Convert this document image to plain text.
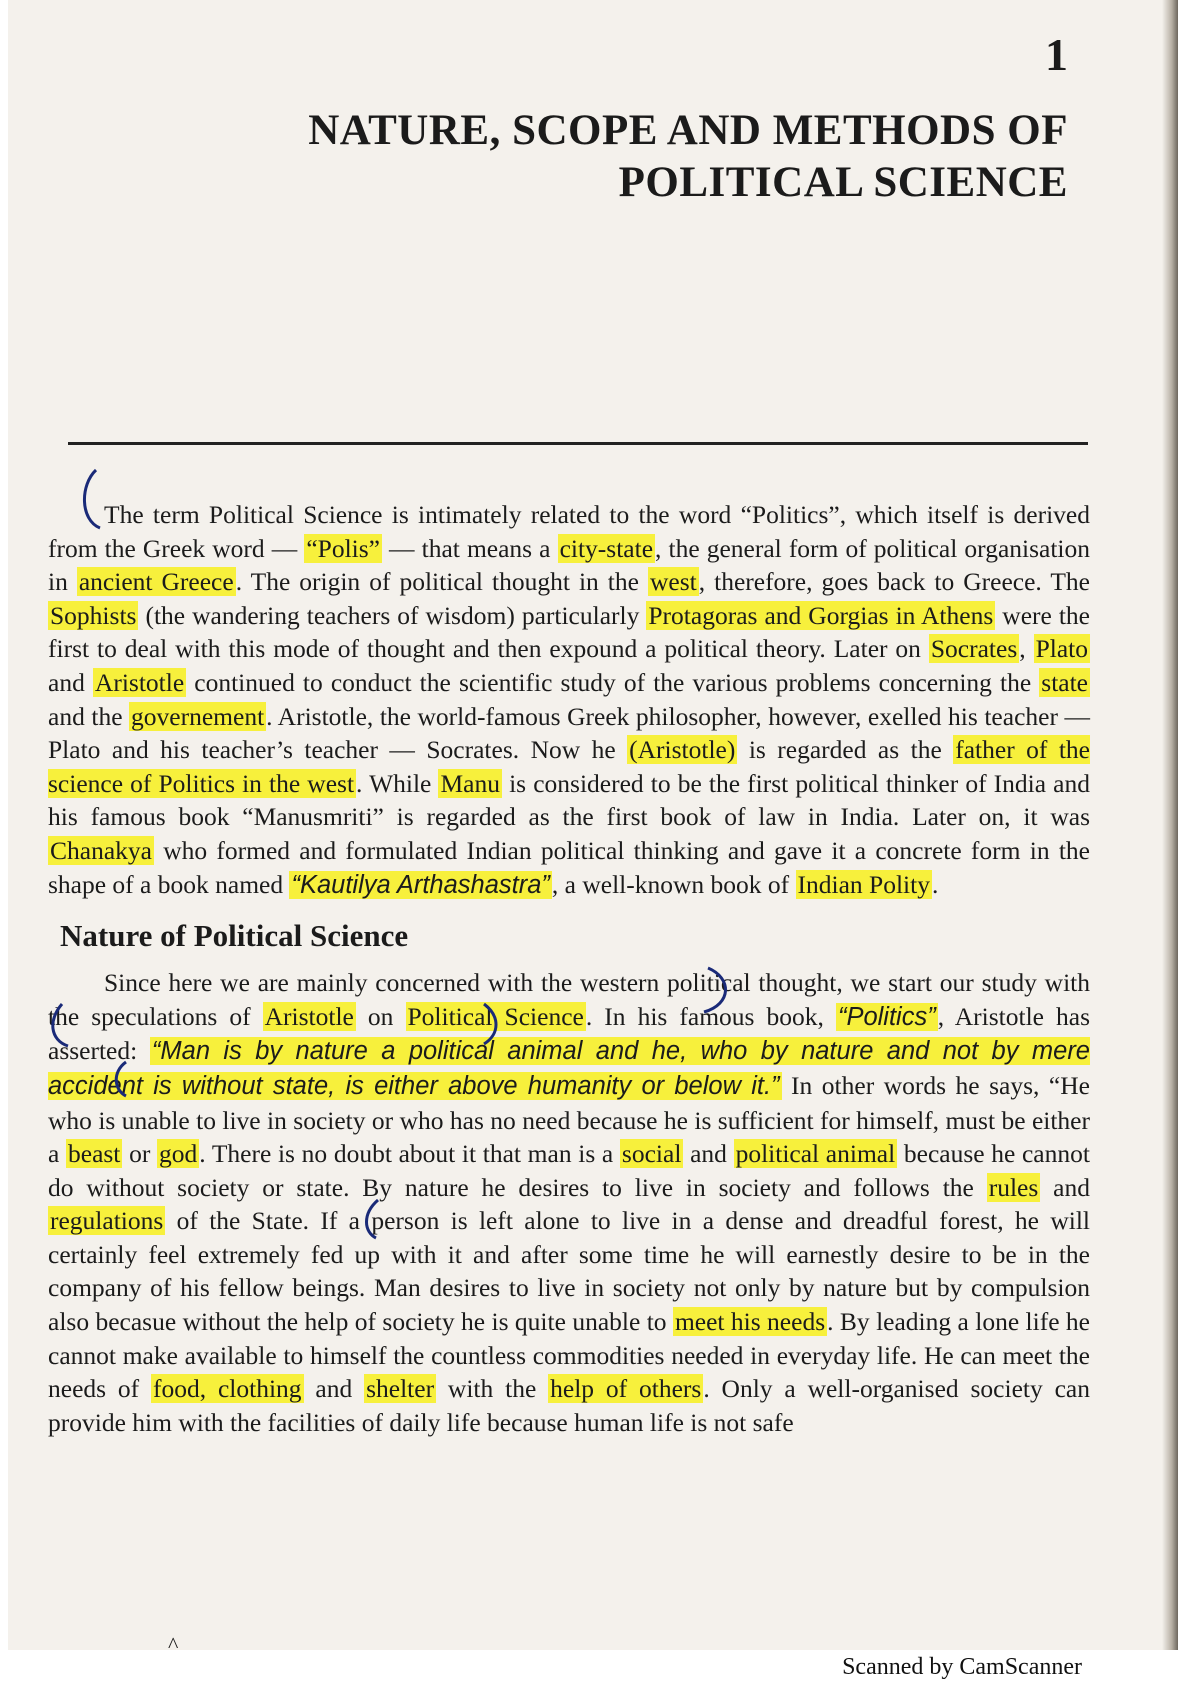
1

NATURE, SCOPE AND METHODS OF
POLITICAL SCIENCE

The term Political Science is intimately related to the word “Politics”, which itself is derived from the Greek word — “Polis” — that means a city-state, the general form of political organisation in ancient Greece. The origin of political thought in the west, therefore, goes back to Greece. The Sophists (the wandering teachers of wisdom) particularly Protagoras and Gorgias in Athens were the first to deal with this mode of thought and then expound a political theory. Later on Socrates, Plato and Aristotle continued to conduct the scientific study of the various problems concerning the state and the governement. Aristotle, the world-famous Greek philosopher, however, exelled his teacher — Plato and his teacher’s teacher — Socrates. Now he (Aristotle) is regarded as the father of the science of Politics in the west. While Manu is considered to be the first political thinker of India and his famous book “Manusmriti” is regarded as the first book of law in India. Later on, it was Chanakya who formed and formulated Indian political thinking and gave it a concrete form in the shape of a book named “Kautilya Arthashastra”, a well-known book of Indian Polity.

Nature of Political Science

Since here we are mainly concerned with the western political thought, we start our study with the speculations of Aristotle on Political Science. In his famous book, “Politics”, Aristotle has asserted: “Man is by nature a political animal and he, who by nature and not by mere accident is without state, is either above humanity or below it.” In other words he says, “He who is unable to live in society or who has no need because he is sufficient for himself, must be either a beast or god. There is no doubt about it that man is a social and political animal because he cannot do without society or state. By nature he desires to live in society and follows the rules and regulations of the State. If a person is left alone to live in a dense and dreadful forest, he will certainly feel extremely fed up with it and after some time he will earnestly desire to be in the company of his fellow beings. Man desires to live in society not only by nature but by compulsion also becasue without the help of society he is quite unable to meet his needs. By leading a lone life he cannot make available to himself the countless commodities needed in everyday life. He can meet the needs of food, clothing and shelter with the help of others. Only a well-organised society can provide him with the facilities of daily life because human life is not safe

^

Scanned by CamScanner
